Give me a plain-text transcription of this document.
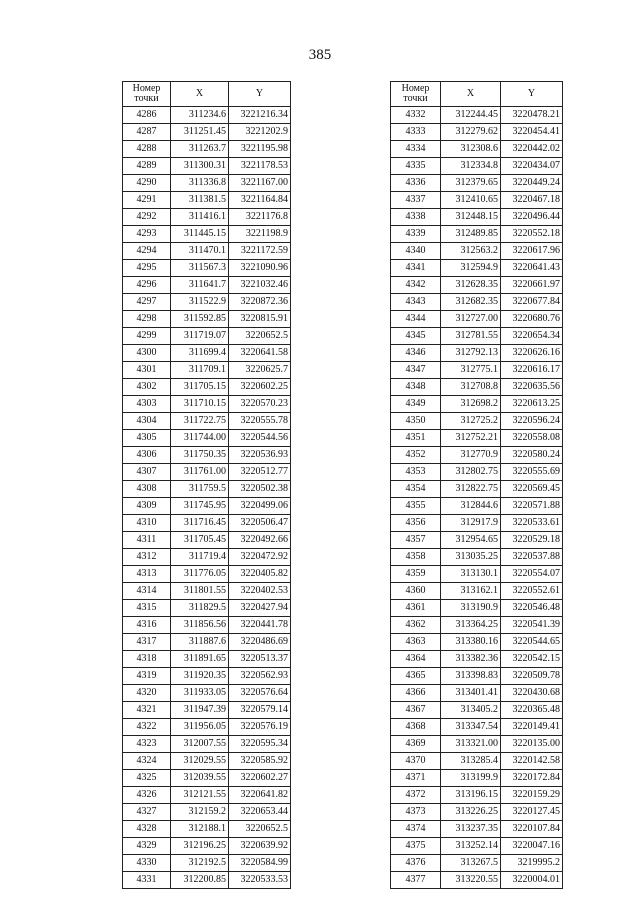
385
Номер
точки	X	Y
4286	311234.6	3221216.34
4287	311251.45	3221202.9
4288	311263.7	3221195.98
4289	311300.31	3221178.53
4290	311336.8	3221167.00
4291	311381.5	3221164.84
4292	311416.1	3221176.8
4293	311445.15	3221198.9
4294	311470.1	3221172.59
4295	311567.3	3221090.96
4296	311641.7	3221032.46
4297	311522.9	3220872.36
4298	311592.85	3220815.91
4299	311719.07	3220652.5
4300	311699.4	3220641.58
4301	311709.1	3220625.7
4302	311705.15	3220602.25
4303	311710.15	3220570.23
4304	311722.75	3220555.78
4305	311744.00	3220544.56
4306	311750.35	3220536.93
4307	311761.00	3220512.77
4308	311759.5	3220502.38
4309	311745.95	3220499.06
4310	311716.45	3220506.47
4311	311705.45	3220492.66
4312	311719.4	3220472.92
4313	311776.05	3220405.82
4314	311801.55	3220402.53
4315	311829.5	3220427.94
4316	311856.56	3220441.78
4317	311887.6	3220486.69
4318	311891.65	3220513.37
4319	311920.35	3220562.93
4320	311933.05	3220576.64
4321	311947.39	3220579.14
4322	311956.05	3220576.19
4323	312007.55	3220595.34
4324	312029.55	3220585.92
4325	312039.55	3220602.27
4326	312121.55	3220641.82
4327	312159.2	3220653.44
4328	312188.1	3220652.5
4329	312196.25	3220639.92
4330	312192.5	3220584.99
4331	312200.85	3220533.53
Номер
точки	X	Y
4332	312244.45	3220478.21
4333	312279.62	3220454.41
4334	312308.6	3220442.02
4335	312334.8	3220434.07
4336	312379.65	3220449.24
4337	312410.65	3220467.18
4338	312448.15	3220496.44
4339	312489.85	3220552.18
4340	312563.2	3220617.96
4341	312594.9	3220641.43
4342	312628.35	3220661.97
4343	312682.35	3220677.84
4344	312727.00	3220680.76
4345	312781.55	3220654.34
4346	312792.13	3220626.16
4347	312775.1	3220616.17
4348	312708.8	3220635.56
4349	312698.2	3220613.25
4350	312725.2	3220596.24
4351	312752.21	3220558.08
4352	312770.9	3220580.24
4353	312802.75	3220555.69
4354	312822.75	3220569.45
4355	312844.6	3220571.88
4356	312917.9	3220533.61
4357	312954.65	3220529.18
4358	313035.25	3220537.88
4359	313130.1	3220554.07
4360	313162.1	3220552.61
4361	313190.9	3220546.48
4362	313364.25	3220541.39
4363	313380.16	3220544.65
4364	313382.36	3220542.15
4365	313398.83	3220509.78
4366	313401.41	3220430.68
4367	313405.2	3220365.48
4368	313347.54	3220149.41
4369	313321.00	3220135.00
4370	313285.4	3220142.58
4371	313199.9	3220172.84
4372	313196.15	3220159.29
4373	313226.25	3220127.45
4374	313237.35	3220107.84
4375	313252.14	3220047.16
4376	313267.5	3219995.2
4377	313220.55	3220004.01
